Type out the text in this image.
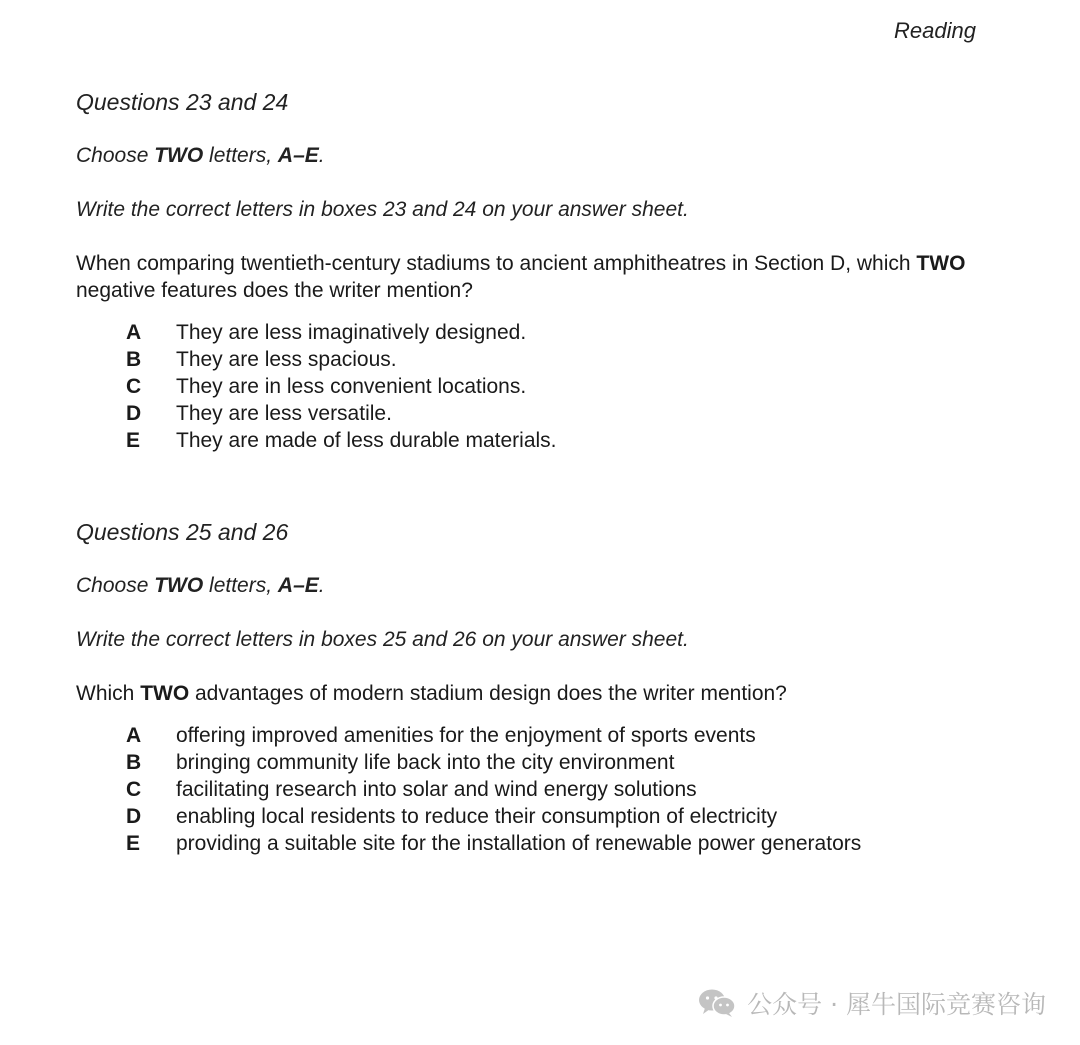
Reading
Questions 23 and 24
Choose TWO letters, A–E.
Write the correct letters in boxes 23 and 24 on your answer sheet.
When comparing twentieth-century stadiums to ancient amphitheatres in Section D, which TWO negative features does the writer mention?
A	They are less imaginatively designed.
B	They are less spacious.
C	They are in less convenient locations.
D	They are less versatile.
E	They are made of less durable materials.
Questions 25 and 26
Choose TWO letters, A–E.
Write the correct letters in boxes 25 and 26 on your answer sheet.
Which TWO advantages of modern stadium design does the writer mention?
A	offering improved amenities for the enjoyment of sports events
B	bringing community life back into the city environment
C	facilitating research into solar and wind energy solutions
D	enabling local residents to reduce their consumption of electricity
E	providing a suitable site for the installation of renewable power generators
公众号 · 犀牛国际竞赛咨询
